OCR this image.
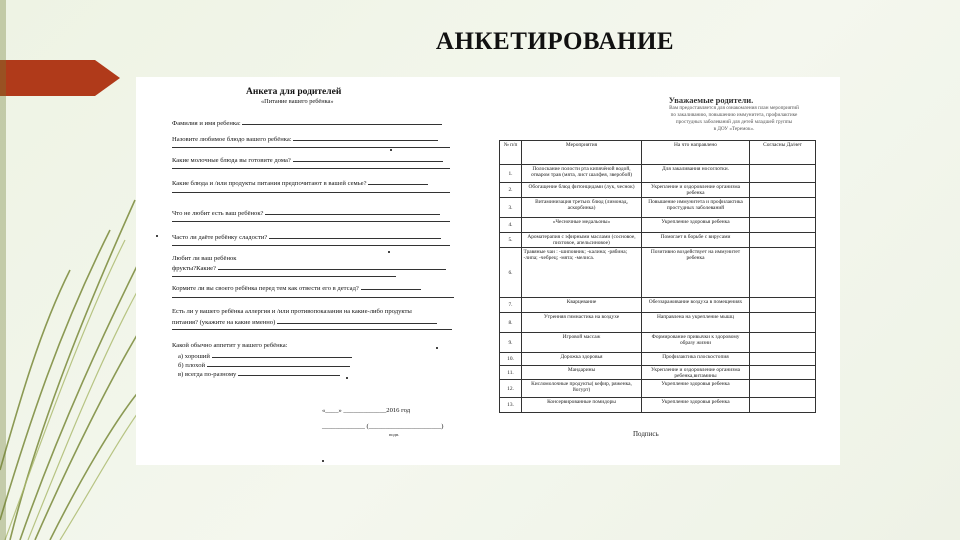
АНКЕТИРОВАНИЕ
Анкета для родителей
«Питание вашего ребёнка»
Фамилия и имя ребенка:
Назовите любимое блюдо вашего ребёнка:
Какие молочные блюда вы готовите дома?
Какие блюда и /или продукты питания предпочитают в вашей семье?
Что не любит есть ваш ребёнок?
Часто ли даёте ребёнку сладости?
Любит ли ваш ребёнок
фрукты?Какие?
Кормите ли вы своего ребёнка перед тем как отвести его в детсад?
Есть ли у вашего ребёнка аллергия и /или противопоказания на какие-либо продукты
питания? (укажите на какие именно)
Какой обычно аппетит у вашего ребёнка:
а) хороший
б) плохой
в) всегда по-разному
«____» _____________2016 год
_____________ (______________________)
подп.
Уважаемые родители.
Вам предоставляется для ознакомления план мероприятий
по закаливанию, повышению иммунитета, профилактике
простудных заболеваний для детей младшей группы
в ДОУ «Теремок».
№ п/п	Мероприятия	На что направлено	Согласны Да/нет
1.	Полоскание полости рта кипячёной водой, отваром трав (мята, лист шалфея, зверобой)	Для закаливания носоглотки.	
2.	Обогащение блюд фитонцидами (лук, чеснок)	Укрепление и оздоровление организма ребенка	
3.	Витаминизация третьих блюд (лимонад, аскорбинка)	Повышение иммунитета и профилактика простудных заболеваний	
4.	«Чесночные медальоны»	Укрепление здоровья ребенка	
5.	Ароматерапия с эфирными маслами (сосновое, пихтовое, апельсиновое)	Помогает в борьбе с вирусами	
6.	Травяные чаи : -шиповник; -калина; -рябина; -липа; -чебрец; -мята; -мелиса.	Позитивно воздействует на иммунитет ребенка	
7.	Кварцевание	Обеззараживание воздуха в помещениях	
8.	Утренняя гимнастика на воздухе	Направлена на укрепление мышц	
9.	Игровой массаж	Формирование привычки к здоровому образу жизни	
10.	Дорожка здоровья	Профилактика плоскостопия	
11.	Мандарины	Укрепление и оздоровление организма ребенка,витамины	
12.	Кисломолочные продукты( кефир, ряженка, йогурт)	Укрепление здоровья ребенка	
13.	Консервированные помидоры	Укрепление здоровья ребенка	
Подпись
